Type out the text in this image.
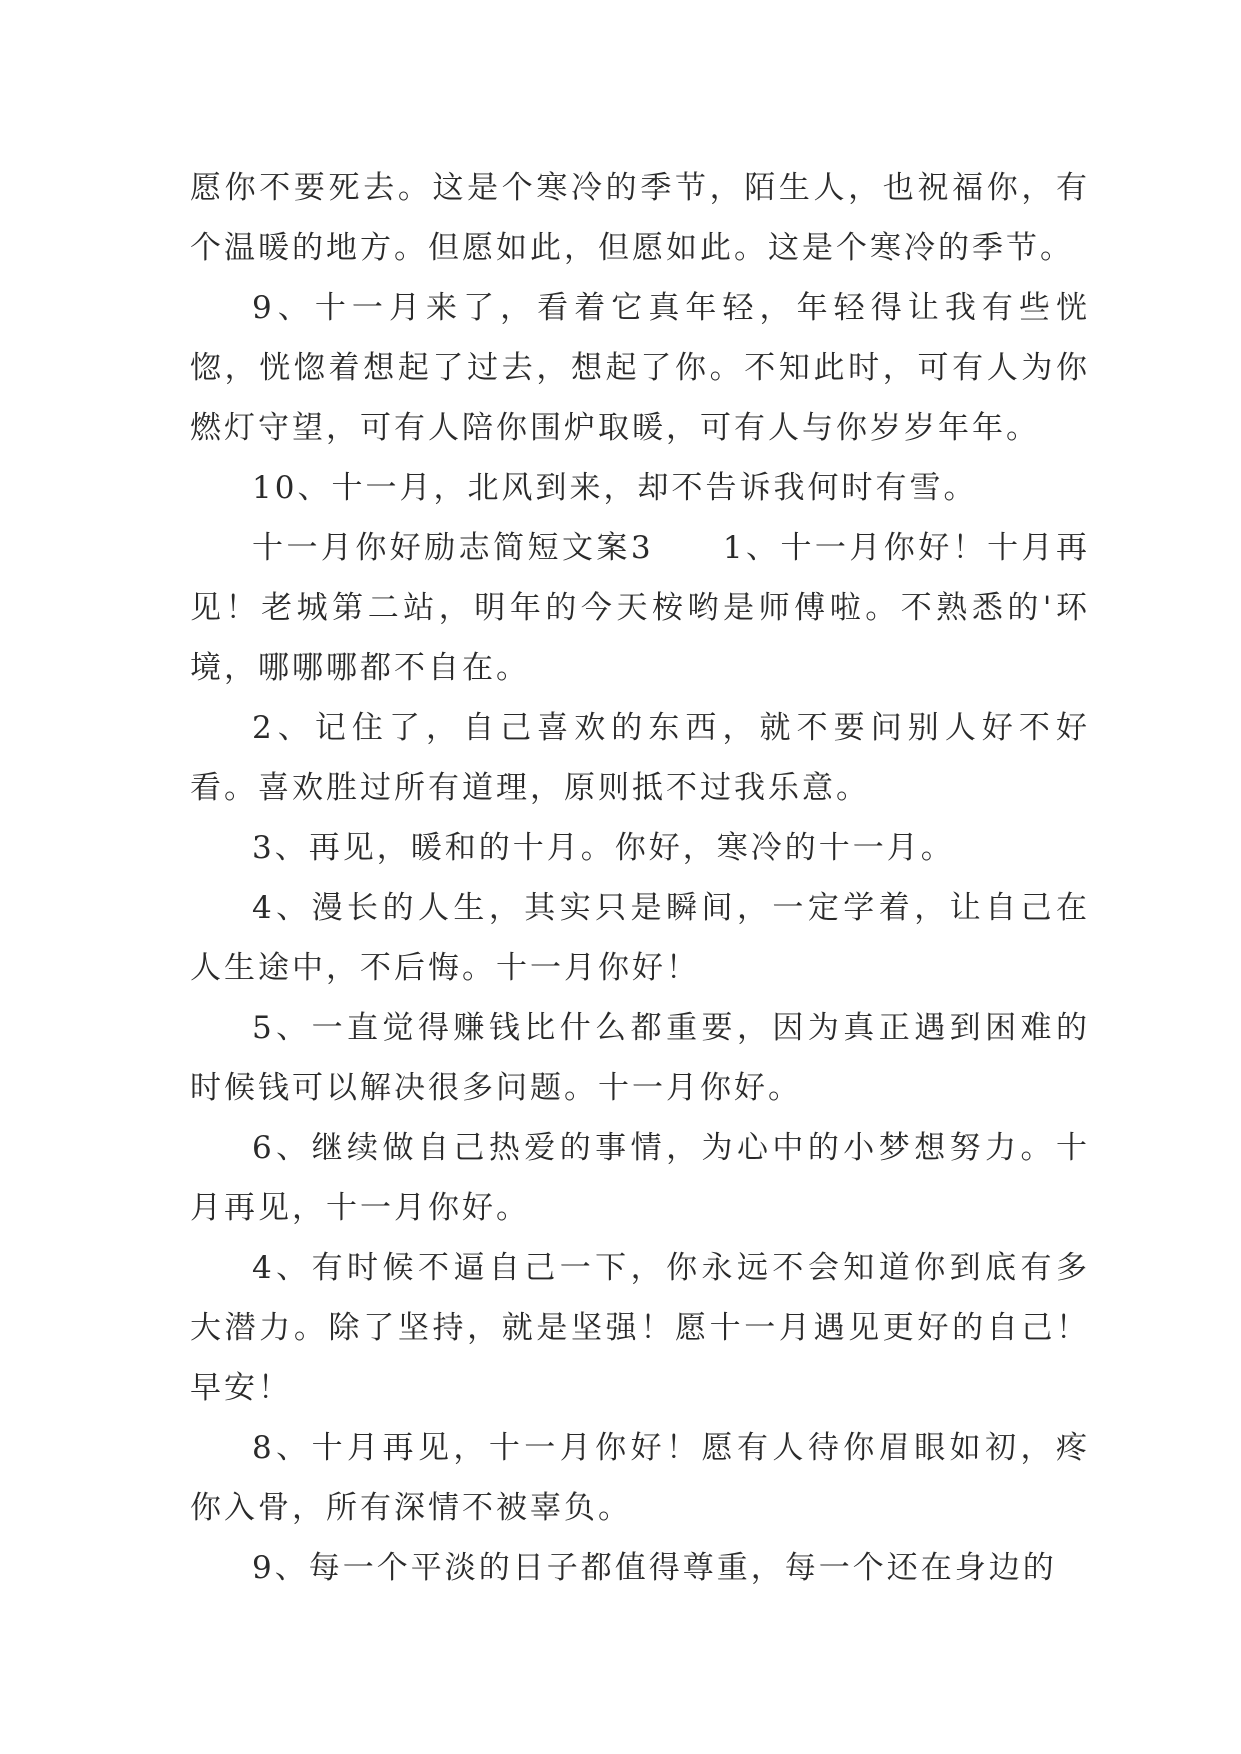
愿你不要死去。这是个寒冷的季节，陌生人，也祝福你，有个温暖的地方。但愿如此，但愿如此。这是个寒冷的季节。

9、十一月来了，看着它真年轻，年轻得让我有些恍惚，恍惚着想起了过去，想起了你。不知此时，可有人为你燃灯守望，可有人陪你围炉取暖，可有人与你岁岁年年。

10、十一月，北风到来，却不告诉我何时有雪。

十一月你好励志简短文案3　　1、十一月你好！十月再见！老城第二站，明年的今天桉哟是师傅啦。不熟悉的'环境，哪哪哪都不自在。

2、记住了，自己喜欢的东西，就不要问别人好不好看。喜欢胜过所有道理，原则抵不过我乐意。

3、再见，暖和的十月。你好，寒冷的十一月。

4、漫长的人生，其实只是瞬间，一定学着，让自己在人生途中，不后悔。十一月你好！

5、一直觉得赚钱比什么都重要，因为真正遇到困难的时候钱可以解决很多问题。十一月你好。

6、继续做自己热爱的事情，为心中的小梦想努力。十月再见，十一月你好。

4、有时候不逼自己一下，你永远不会知道你到底有多大潜力。除了坚持，就是坚强！愿十一月遇见更好的自己！早安！

8、十月再见，十一月你好！愿有人待你眉眼如初，疼你入骨，所有深情不被辜负。

9、每一个平淡的日子都值得尊重，每一个还在身边的
